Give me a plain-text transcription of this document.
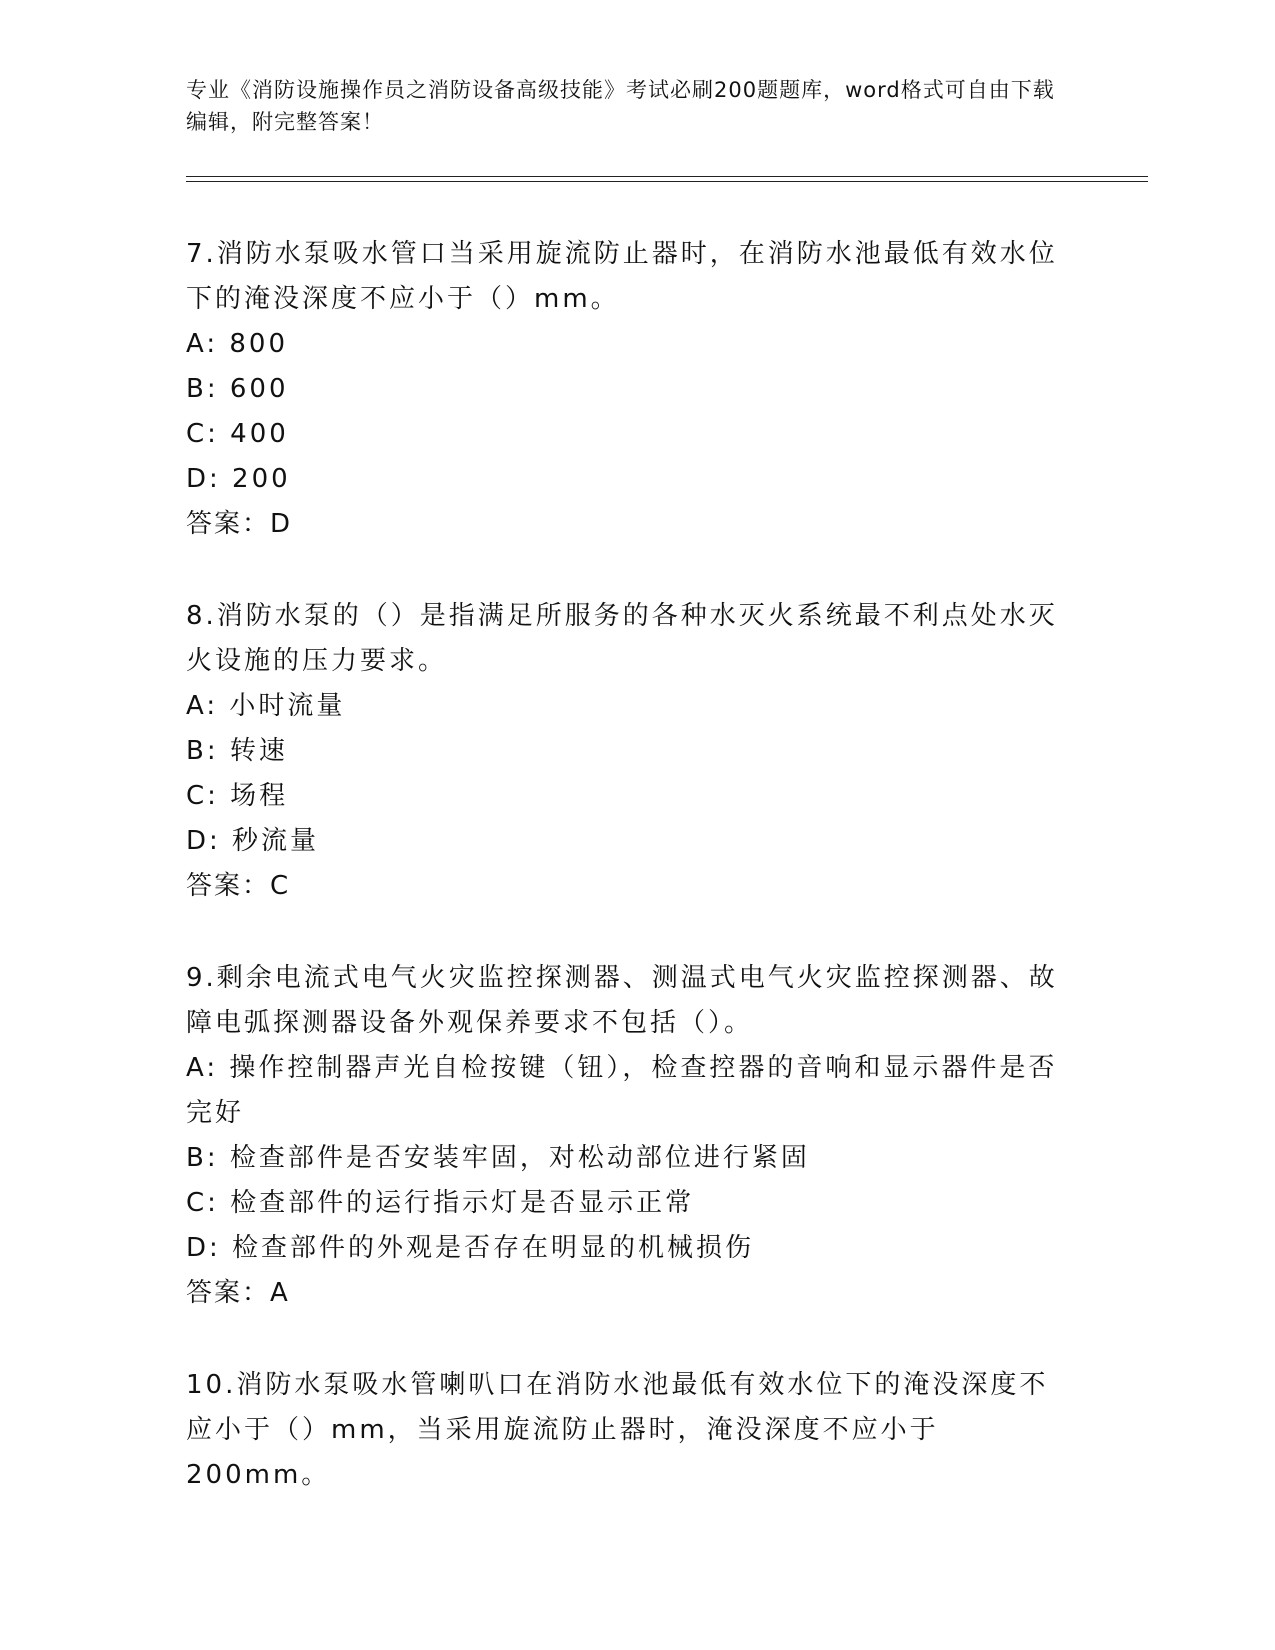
专业《消防设施操作员之消防设备高级技能》考试必刷200题题库，word格式可自由下载编辑，附完整答案！

7.消防水泵吸水管口当采用旋流防止器时，在消防水池最低有效水位下的淹没深度不应小于（）mm。

A: 800

B: 600

C: 400

D: 200

答案：D

8.消防水泵的（）是指满足所服务的各种水灭火系统最不利点处水灭火设施的压力要求。

A: 小时流量

B: 转速

C: 场程

D: 秒流量

答案：C

9.剩余电流式电气火灾监控探测器、测温式电气火灾监控探测器、故障电弧探测器设备外观保养要求不包括（）。

A: 操作控制器声光自检按键（钮），检查控器的音响和显示器件是否完好

B: 检查部件是否安装牢固，对松动部位进行紧固

C: 检查部件的运行指示灯是否显示正常

D: 检查部件的外观是否存在明显的机械损伤

答案：A

10.消防水泵吸水管喇叭口在消防水池最低有效水位下的淹没深度不应小于（）mm，当采用旋流防止器时，淹没深度不应小于200mm。
